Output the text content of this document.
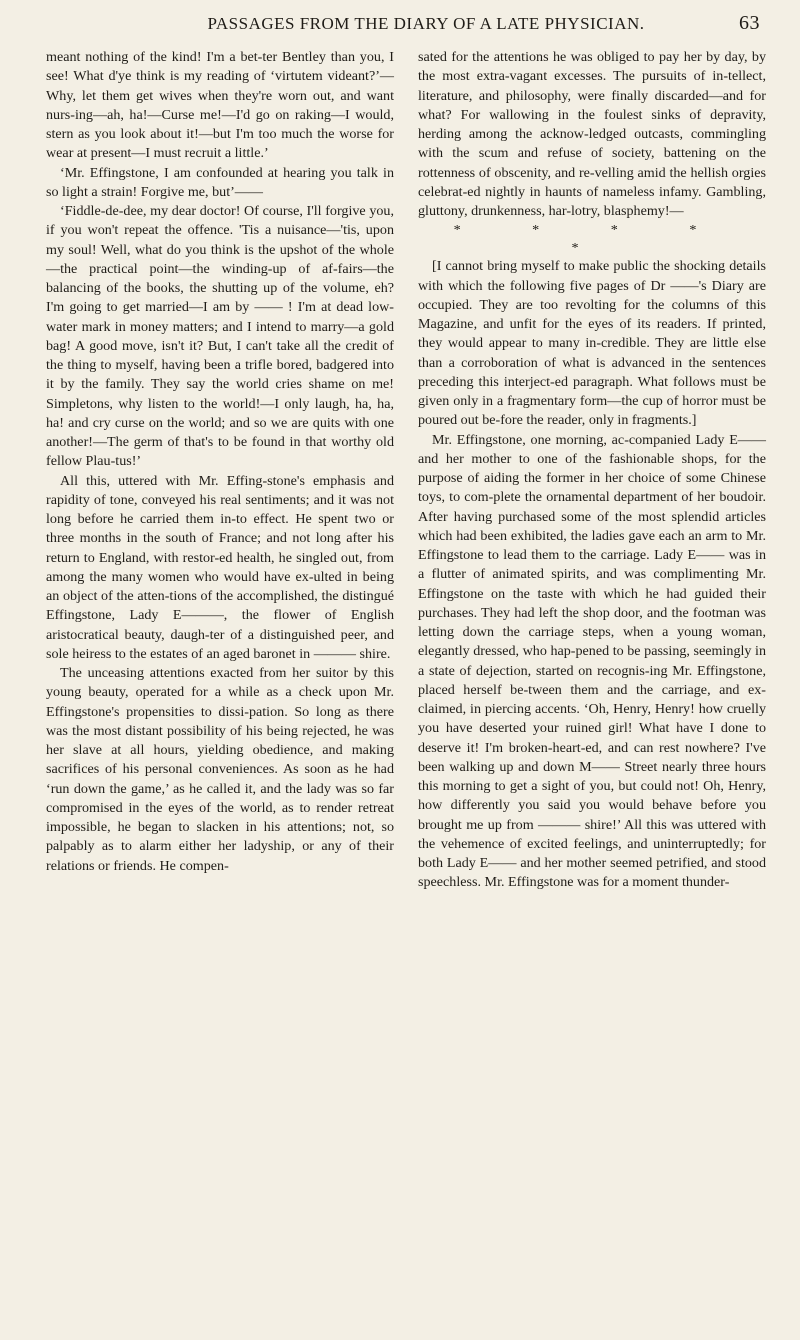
PASSAGES FROM THE DIARY OF A LATE PHYSICIAN.	63

meant nothing of the kind! I'm a bet-ter Bentley than you, I see! What d'ye think is my reading of ‘virtutem videant?’—Why, let them get wives when they're worn out, and want nurs-ing—ah, ha!—Curse me!—I'd go on raking—I would, stern as you look about it!—but I'm too much the worse for wear at present—I must recruit a little.’

‘Mr. Effingstone, I am confounded at hearing you talk in so light a strain! Forgive me, but’——

‘Fiddle-de-dee, my dear doctor! Of course, I'll forgive you, if you won't repeat the offence. 'Tis a nuisance—'tis, upon my soul! Well, what do you think is the upshot of the whole—the practical point—the winding-up of af-fairs—the balancing of the books, the shutting up of the volume, eh? I'm going to get married—I am by —— ! I'm at dead low-water mark in money matters; and I intend to marry—a gold bag! A good move, isn't it? But, I can't take all the credit of the thing to myself, having been a trifle bored, badgered into it by the family. They say the world cries shame on me! Simpletons, why listen to the world!—I only laugh, ha, ha, ha! and cry curse on the world; and so we are quits with one another!—The germ of that's to be found in that worthy old fellow Plau-tus!’

All this, uttered with Mr. Effing-stone's emphasis and rapidity of tone, conveyed his real sentiments; and it was not long before he carried them in-to effect. He spent two or three months in the south of France; and not long after his return to England, with restor-ed health, he singled out, from among the many women who would have ex-ulted in being an object of the atten-tions of the accomplished, the distingué Effingstone, Lady E———, the flower of English aristocratical beauty, daugh-ter of a distinguished peer, and sole heiress to the estates of an aged baronet in ——— shire.

The unceasing attentions exacted from her suitor by this young beauty, operated for a while as a check upon Mr. Effingstone's propensities to dissi-pation. So long as there was the most distant possibility of his being rejected, he was her slave at all hours, yielding obedience, and making sacrifices of his personal conveniences. As soon as he had ‘run down the game,’ as he called it, and the lady was so far compromised in the eyes of the world, as to render retreat impossible, he began to slacken in his attentions; not, so palpably as to alarm either her ladyship, or any of their relations or friends. He compen-

sated for the attentions he was obliged to pay her by day, by the most extra-vagant excesses. The pursuits of in-tellect, literature, and philosophy, were finally discarded—and for what? For wallowing in the foulest sinks of depravity, herding among the acknow-ledged outcasts, commingling with the scum and refuse of society, battening on the rottenness of obscenity, and re-velling amid the hellish orgies celebrat-ed nightly in haunts of nameless infamy. Gambling, gluttony, drunkenness, har-lotry, blasphemy!—

* * * * *

[I cannot bring myself to make public the shocking details with which the following five pages of Dr ——'s Diary are occupied. They are too revolting for the columns of this Magazine, and unfit for the eyes of its readers. If printed, they would appear to many in-credible. They are little else than a corroboration of what is advanced in the sentences preceding this interject-ed paragraph. What follows must be given only in a fragmentary form—the cup of horror must be poured out be-fore the reader, only in fragments.]

Mr. Effingstone, one morning, ac-companied Lady E—— and her mother to one of the fashionable shops, for the purpose of aiding the former in her choice of some Chinese toys, to com-plete the ornamental department of her boudoir. After having purchased some of the most splendid articles which had been exhibited, the ladies gave each an arm to Mr. Effingstone to lead them to the carriage. Lady E—— was in a flutter of animated spirits, and was complimenting Mr. Effingstone on the taste with which he had guided their purchases. They had left the shop door, and the footman was letting down the carriage steps, when a young woman, elegantly dressed, who hap-pened to be passing, seemingly in a state of dejection, started on recognis-ing Mr. Effingstone, placed herself be-tween them and the carriage, and ex-claimed, in piercing accents. ‘Oh, Henry, Henry! how cruelly you have deserted your ruined girl! What have I done to deserve it! I'm broken-heart-ed, and can rest nowhere? I've been walking up and down M—— Street nearly three hours this morning to get a sight of you, but could not! Oh, Henry, how differently you said you would behave before you brought me up from ——— shire!’ All this was uttered with the vehemence of excited feelings, and uninterruptedly; for both Lady E—— and her mother seemed petrified, and stood speechless. Mr. Effingstone was for a moment thunder-
